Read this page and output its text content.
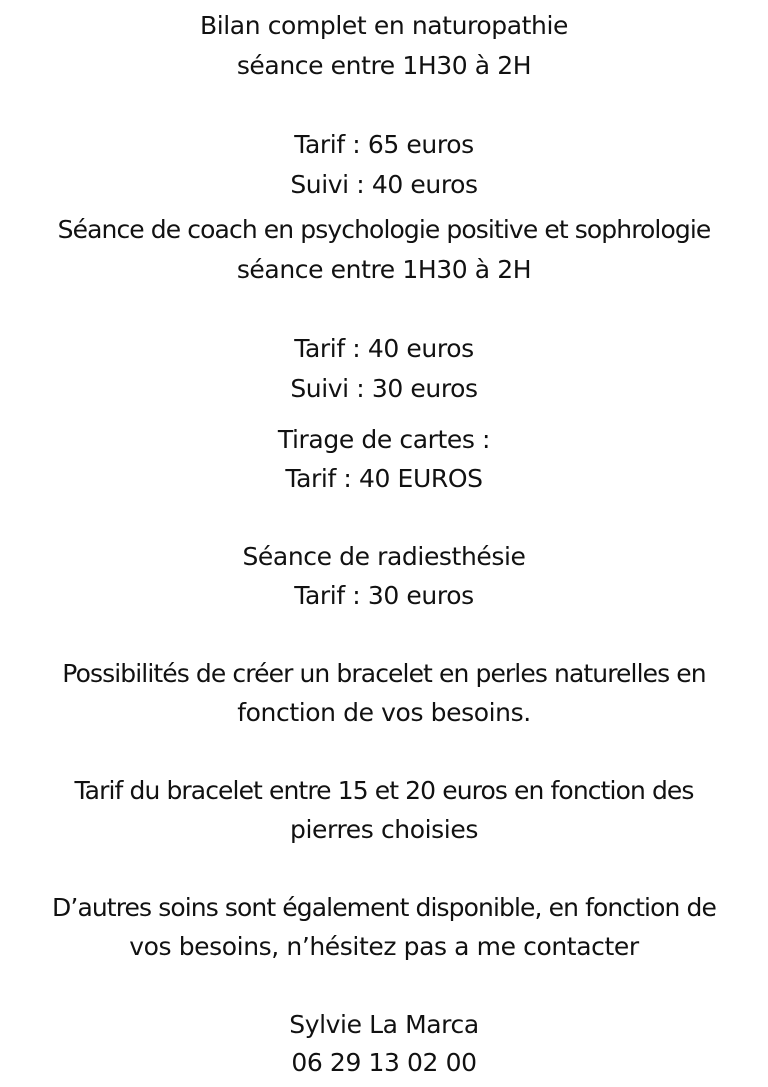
Bilan complet en naturopathie
séance entre 1H30 à 2H
Tarif : 65 euros
Suivi : 40 euros
Séance de coach en psychologie positive et sophrologie
séance entre 1H30 à 2H
Tarif : 40 euros
Suivi : 30 euros
Tirage de cartes :
Tarif : 40 EUROS
Séance de radiesthésie
Tarif : 30 euros
Possibilités de créer un bracelet en perles naturelles en
fonction de vos besoins.
Tarif du bracelet entre 15 et 20 euros en fonction des
pierres choisies
D’autres soins sont également disponible, en fonction de
vos besoins, n’hésitez pas a me contacter
Sylvie La Marca
06 29 13 02 00
